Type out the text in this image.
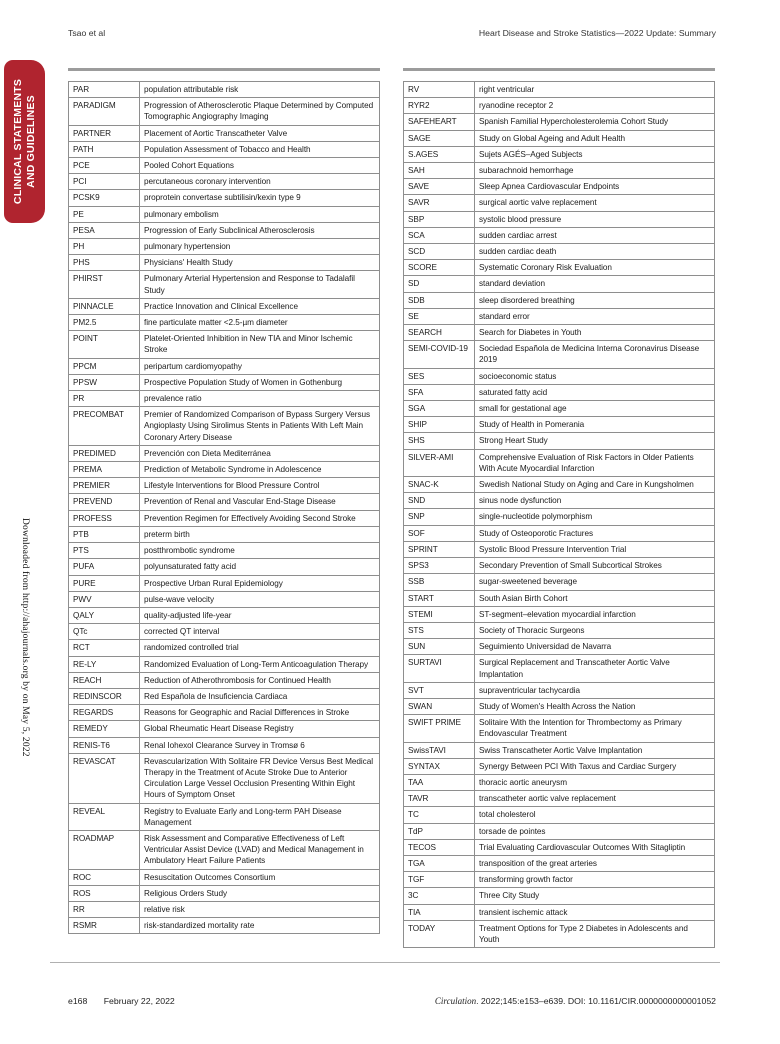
Tsao et al	Heart Disease and Stroke Statistics—2022 Update: Summary
CLINICAL STATEMENTS AND GUIDELINES
Downloaded from http://ahajournals.org by on May 5, 2022
PAR	population attributable risk
PARADIGM	Progression of Atherosclerotic Plaque Determined by Computed Tomographic Angiography Imaging
PARTNER	Placement of Aortic Transcatheter Valve
PATH	Population Assessment of Tobacco and Health
PCE	Pooled Cohort Equations
PCI	percutaneous coronary intervention
PCSK9	proprotein convertase subtilisin/kexin type 9
PE	pulmonary embolism
PESA	Progression of Early Subclinical Atherosclerosis
PH	pulmonary hypertension
PHS	Physicians' Health Study
PHIRST	Pulmonary Arterial Hypertension and Response to Tadalafil Study
PINNACLE	Practice Innovation and Clinical Excellence
PM2.5	fine particulate matter <2.5-µm diameter
POINT	Platelet-Oriented Inhibition in New TIA and Minor Ischemic Stroke
PPCM	peripartum cardiomyopathy
PPSW	Prospective Population Study of Women in Gothenburg
PR	prevalence ratio
PRECOMBAT	Premier of Randomized Comparison of Bypass Surgery Versus Angioplasty Using Sirolimus Stents in Patients With Left Main Coronary Artery Disease
PREDIMED	Prevención con Dieta Mediterránea
PREMA	Prediction of Metabolic Syndrome in Adolescence
PREMIER	Lifestyle Interventions for Blood Pressure Control
PREVEND	Prevention of Renal and Vascular End-Stage Disease
PROFESS	Prevention Regimen for Effectively Avoiding Second Stroke
PTB	preterm birth
PTS	postthrombotic syndrome
PUFA	polyunsaturated fatty acid
PURE	Prospective Urban Rural Epidemiology
PWV	pulse-wave velocity
QALY	quality-adjusted life-year
QTc	corrected QT interval
RCT	randomized controlled trial
RE-LY	Randomized Evaluation of Long-Term Anticoagulation Therapy
REACH	Reduction of Atherothrombosis for Continued Health
REDINSCOR	Red Española de Insuficiencia Cardiaca
REGARDS	Reasons for Geographic and Racial Differences in Stroke
REMEDY	Global Rheumatic Heart Disease Registry
RENIS-T6	Renal Iohexol Clearance Survey in Tromsø 6
REVASCAT	Revascularization With Solitaire FR Device Versus Best Medical Therapy in the Treatment of Acute Stroke Due to Anterior Circulation Large Vessel Occlusion Presenting Within Eight Hours of Symptom Onset
REVEAL	Registry to Evaluate Early and Long-term PAH Disease Management
ROADMAP	Risk Assessment and Comparative Effectiveness of Left Ventricular Assist Device (LVAD) and Medical Management in Ambulatory Heart Failure Patients
ROC	Resuscitation Outcomes Consortium
ROS	Religious Orders Study
RR	relative risk
RSMR	risk-standardized mortality rate
RV	right ventricular
RYR2	ryanodine receptor 2
SAFEHEART	Spanish Familial Hypercholesterolemia Cohort Study
SAGE	Study on Global Ageing and Adult Health
S.AGES	Sujets AGÉS–Aged Subjects
SAH	subarachnoid hemorrhage
SAVE	Sleep Apnea Cardiovascular Endpoints
SAVR	surgical aortic valve replacement
SBP	systolic blood pressure
SCA	sudden cardiac arrest
SCD	sudden cardiac death
SCORE	Systematic Coronary Risk Evaluation
SD	standard deviation
SDB	sleep disordered breathing
SE	standard error
SEARCH	Search for Diabetes in Youth
SEMI-COVID-19	Sociedad Española de Medicina Interna Coronavirus Disease 2019
SES	socioeconomic status
SFA	saturated fatty acid
SGA	small for gestational age
SHIP	Study of Health in Pomerania
SHS	Strong Heart Study
SILVER-AMI	Comprehensive Evaluation of Risk Factors in Older Patients With Acute Myocardial Infarction
SNAC-K	Swedish National Study on Aging and Care in Kungsholmen
SND	sinus node dysfunction
SNP	single-nucleotide polymorphism
SOF	Study of Osteoporotic Fractures
SPRINT	Systolic Blood Pressure Intervention Trial
SPS3	Secondary Prevention of Small Subcortical Strokes
SSB	sugar-sweetened beverage
START	South Asian Birth Cohort
STEMI	ST-segment–elevation myocardial infarction
STS	Society of Thoracic Surgeons
SUN	Seguimiento Universidad de Navarra
SURTAVI	Surgical Replacement and Transcatheter Aortic Valve Implantation
SVT	supraventricular tachycardia
SWAN	Study of Women's Health Across the Nation
SWIFT PRIME	Solitaire With the Intention for Thrombectomy as Primary Endovascular Treatment
SwissTAVI	Swiss Transcatheter Aortic Valve Implantation
SYNTAX	Synergy Between PCI With Taxus and Cardiac Surgery
TAA	thoracic aortic aneurysm
TAVR	transcatheter aortic valve replacement
TC	total cholesterol
TdP	torsade de pointes
TECOS	Trial Evaluating Cardiovascular Outcomes With Sitagliptin
TGA	transposition of the great arteries
TGF	transforming growth factor
3C	Three City Study
TIA	transient ischemic attack
TODAY	Treatment Options for Type 2 Diabetes in Adolescents and Youth
e168 February 22, 2022	Circulation. 2022;145:e153–e639. DOI: 10.1161/CIR.0000000000001052
